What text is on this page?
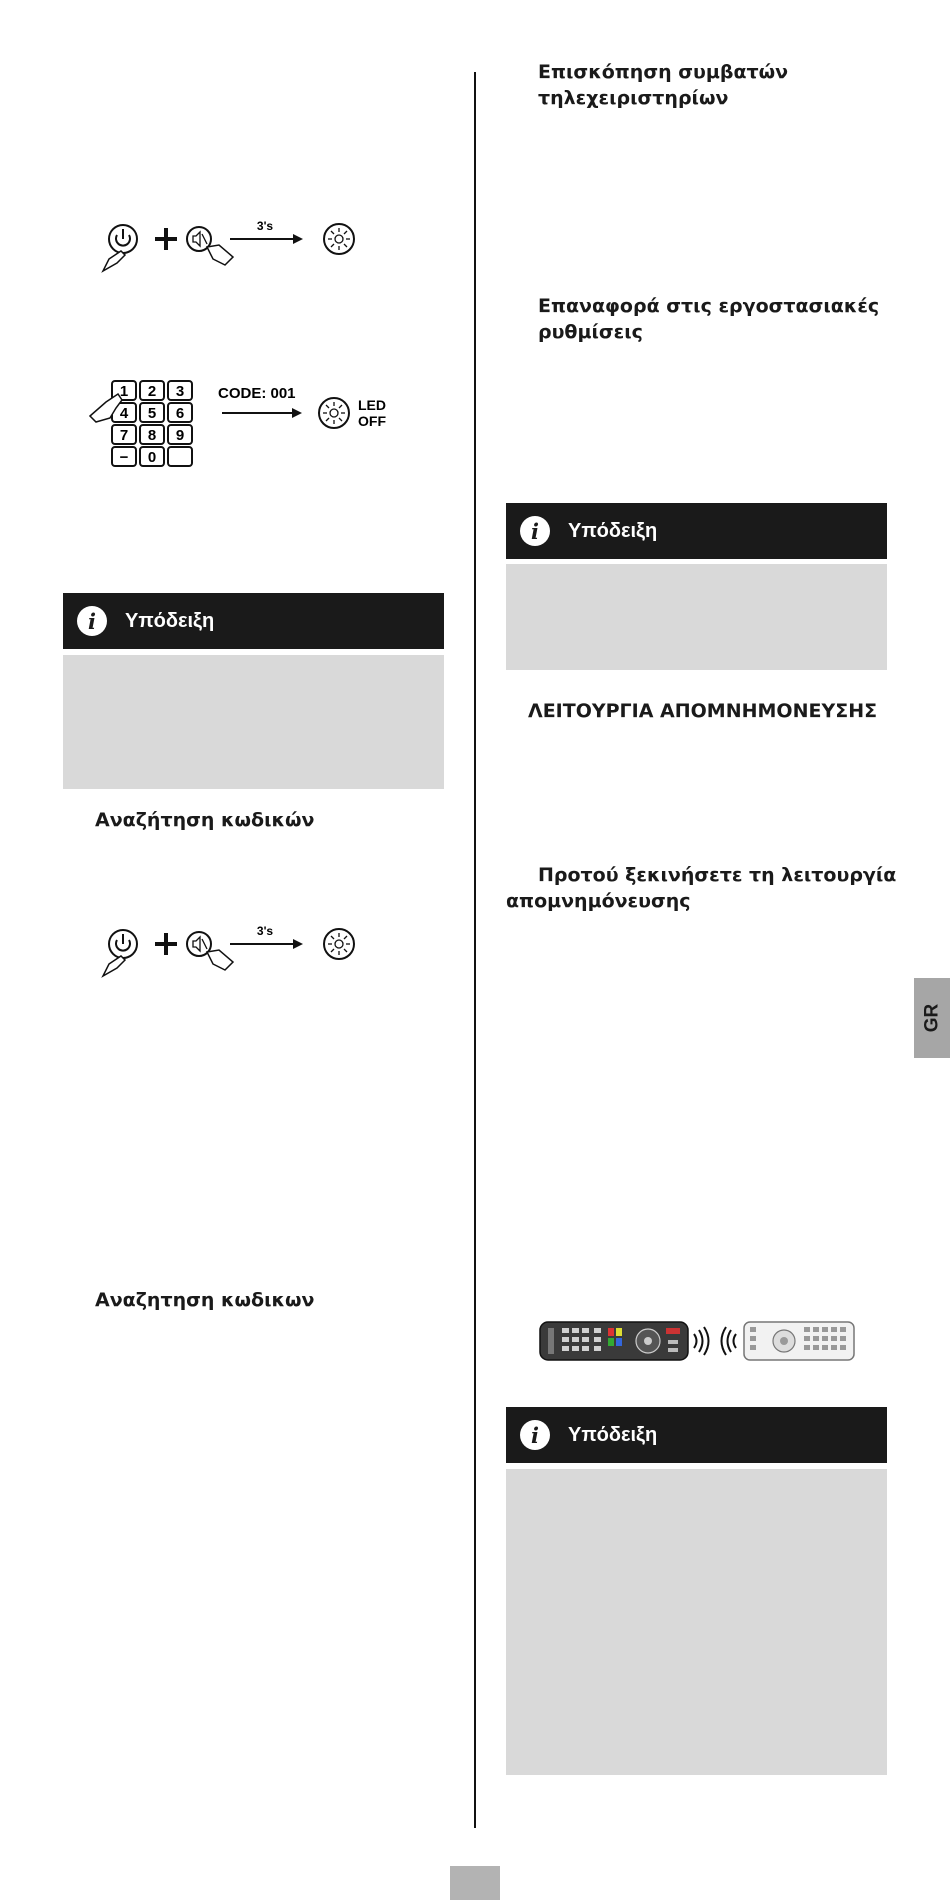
3's
CODE: 001
LED
OFF
1 2 3
4 5 6
7 8 9
− 0
i	Υπόδειξη
Αναζήτηση κωδικών
3's
Αναζητηση κωδικων
Επισκόπηση συμβατών
τηλεχειριστηρίων
Επαναφορά στις εργοστασιακές
ρυθμίσεις
i	Υπόδειξη
ΛΕΙΤΟΥΡΓΙΑ ΑΠΟΜΝΗΜΟΝΕΥΣΗΣ
Προτού ξεκινήσετε τη λειτουργία
απομνημόνευσης
i	Υπόδειξη
GR
